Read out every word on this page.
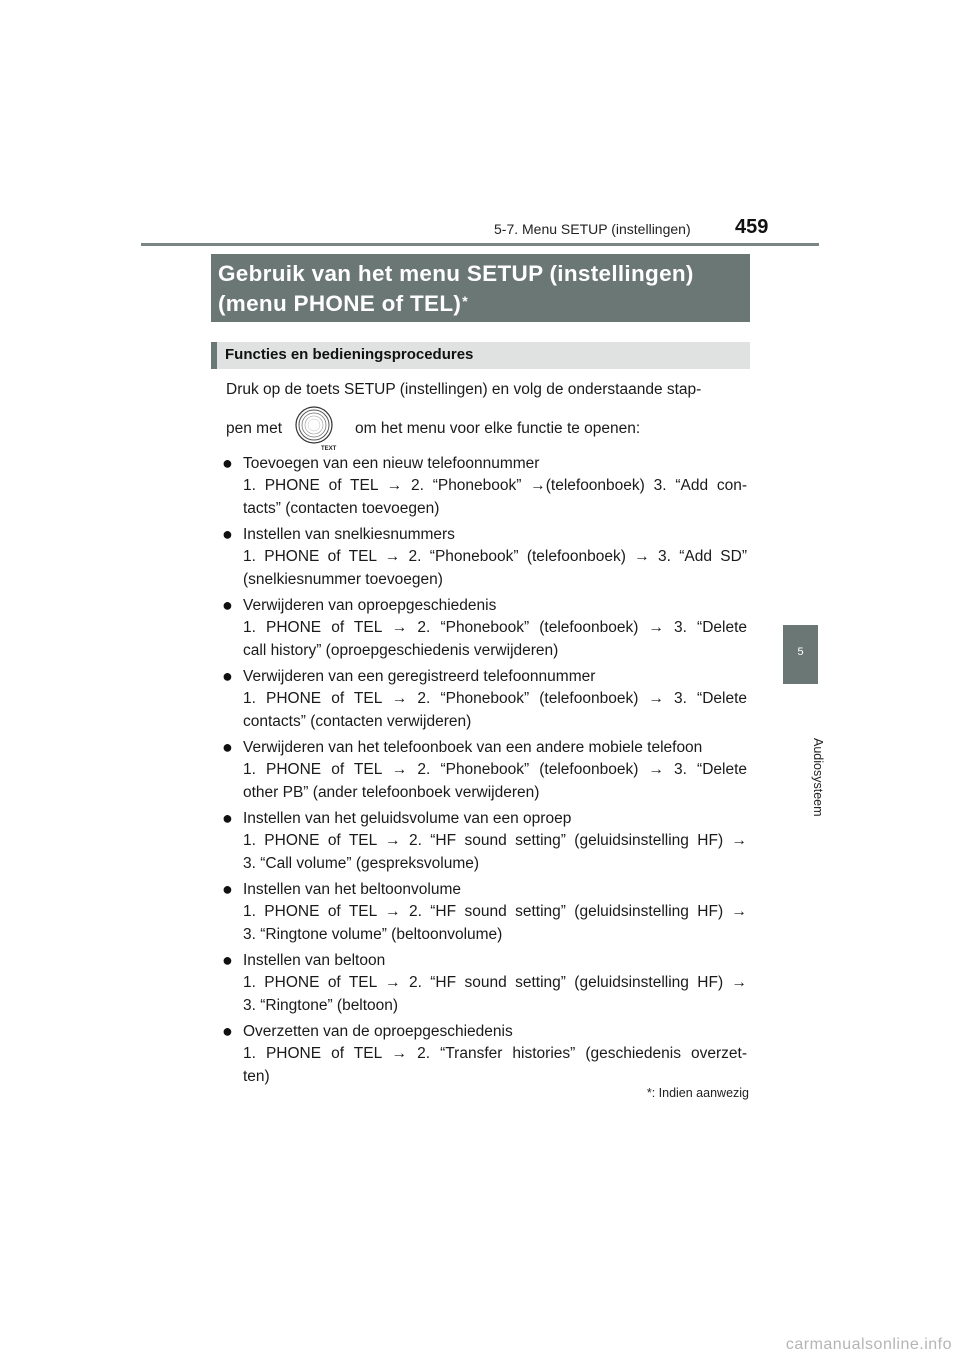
5-7. Menu SETUP (instellingen) 459
Gebruik van het menu SETUP (instellingen)
(menu PHONE of TEL)*
Functies en bedieningsprocedures
Druk op de toets SETUP (instellingen) en volg de onderstaande stap-
pen met
TEXT
om het menu voor elke functie te openen:
● Toevoegen van een nieuw telefoonnummer
1. PHONE of TEL → 2. “Phonebook” →(telefoonboek) 3. “Add con-
tacts” (contacten toevoegen)
● Instellen van snelkiesnummers
1. PHONE of TEL → 2. “Phonebook” (telefoonboek) → 3. “Add SD”
(snelkiesnummer toevoegen)
● Verwijderen van oproepgeschiedenis
1. PHONE of TEL → 2. “Phonebook” (telefoonboek) → 3. “Delete
call history” (oproepgeschiedenis verwijderen)
● Verwijderen van een geregistreerd telefoonnummer
1. PHONE of TEL → 2. “Phonebook” (telefoonboek) → 3. “Delete
contacts” (contacten verwijderen)
● Verwijderen van het telefoonboek van een andere mobiele telefoon
1. PHONE of TEL → 2. “Phonebook” (telefoonboek) → 3. “Delete
other PB” (ander telefoonboek verwijderen)
● Instellen van het geluidsvolume van een oproep
1. PHONE of TEL → 2. “HF sound setting” (geluidsinstelling HF) →
3. “Call volume” (gespreksvolume)
● Instellen van het beltoonvolume
1. PHONE of TEL → 2. “HF sound setting” (geluidsinstelling HF) →
3. “Ringtone volume” (beltoonvolume)
● Instellen van beltoon
1. PHONE of TEL → 2. “HF sound setting” (geluidsinstelling HF) →
3. “Ringtone” (beltoon)
● Overzetten van de oproepgeschiedenis
1. PHONE of TEL → 2. “Transfer histories” (geschiedenis overzet-
ten)
*: Indien aanwezig
5
Audiosysteem
carmanualsonline.info
